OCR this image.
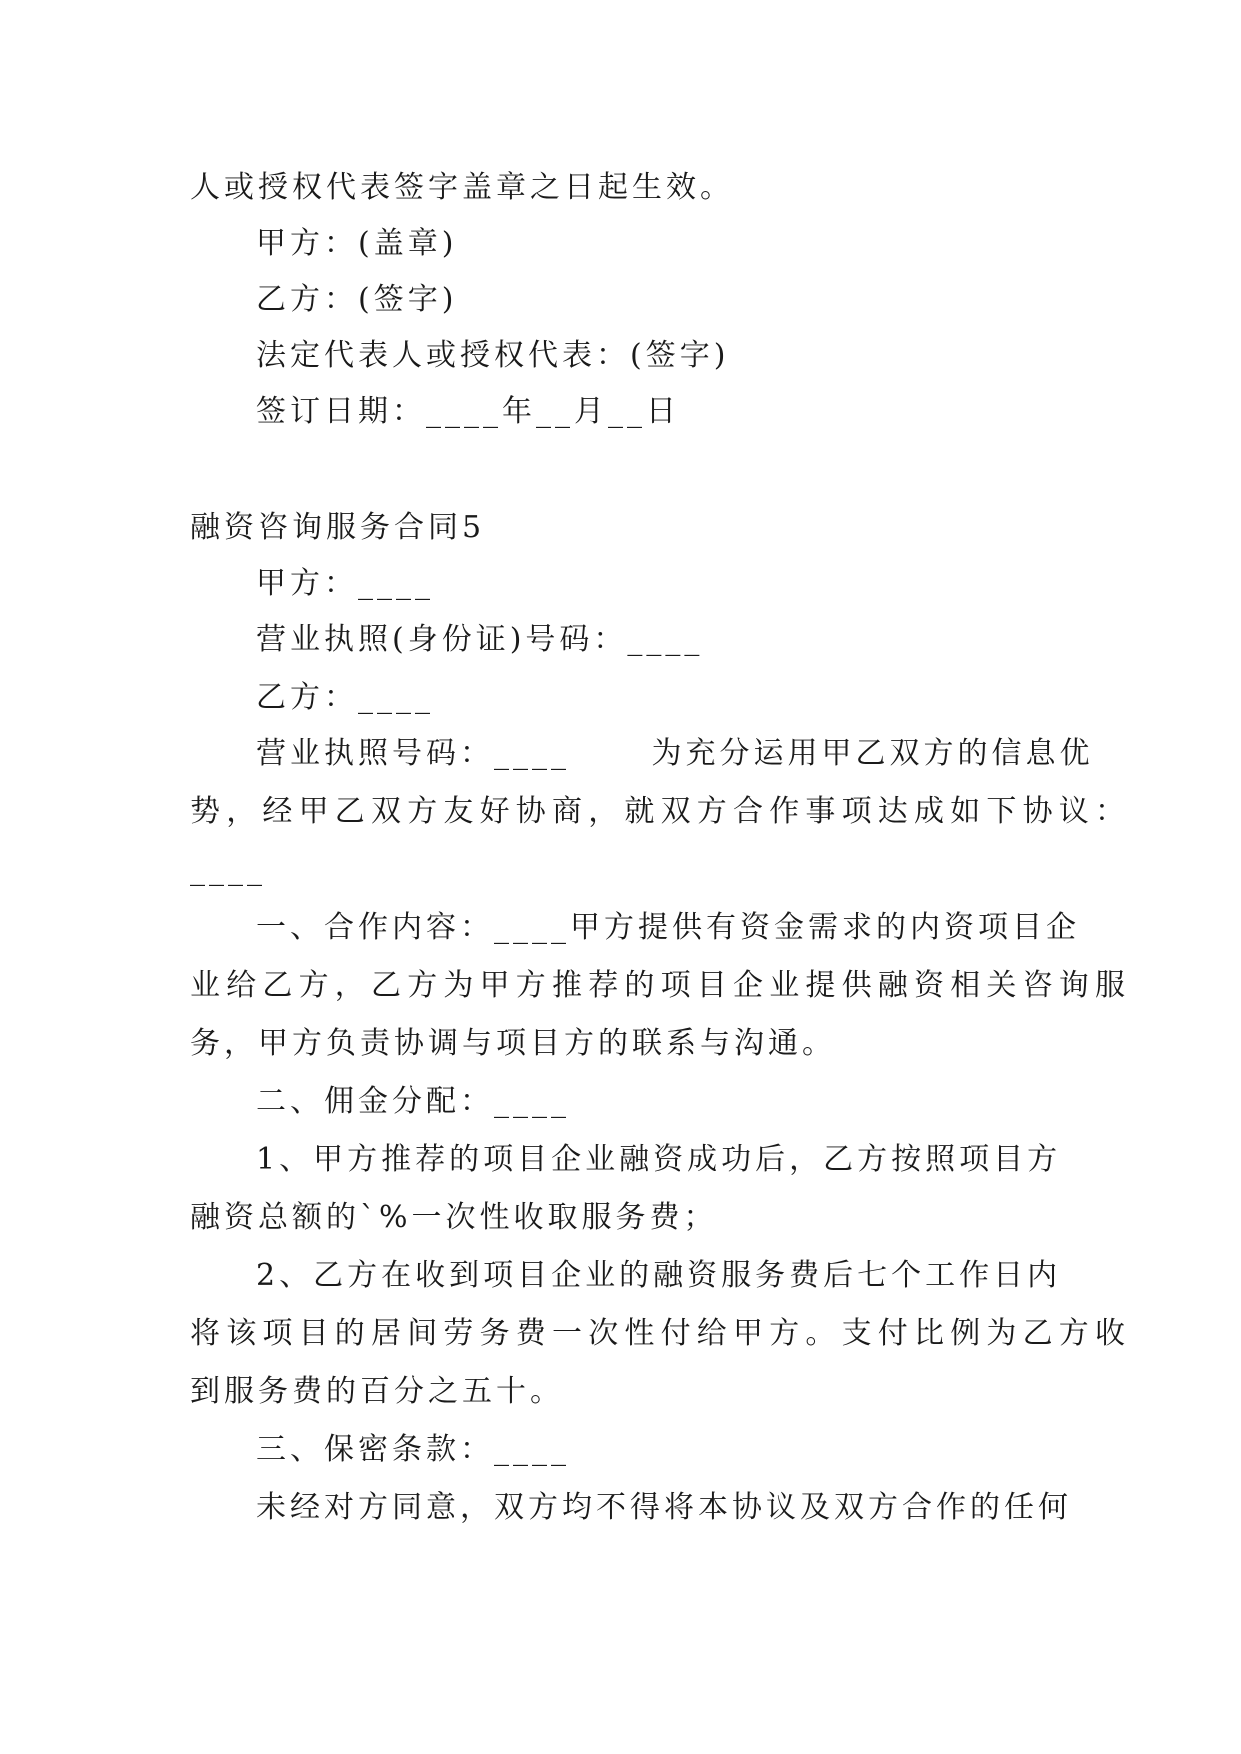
人或授权代表签字盖章之日起生效。
甲方：(盖章)
乙方：(签字)
法定代表人或授权代表：(签字)
签订日期：____年__月__日
融资咨询服务合同5
甲方：____
营业执照(身份证)号码：____
乙方：____
营业执照号码：____　　 为充分运用甲乙双方的信息优
势，经甲乙双方友好协商，就双方合作事项达成如下协议：
____
一、合作内容：____甲方提供有资金需求的内资项目企
业给乙方，乙方为甲方推荐的项目企业提供融资相关咨询服
务，甲方负责协调与项目方的联系与沟通。
二、佣金分配：____
1、甲方推荐的项目企业融资成功后，乙方按照项目方
融资总额的`%一次性收取服务费；
2、乙方在收到项目企业的融资服务费后七个工作日内
将该项目的居间劳务费一次性付给甲方。支付比例为乙方收
到服务费的百分之五十。
三、保密条款：____
未经对方同意，双方均不得将本协议及双方合作的任何
